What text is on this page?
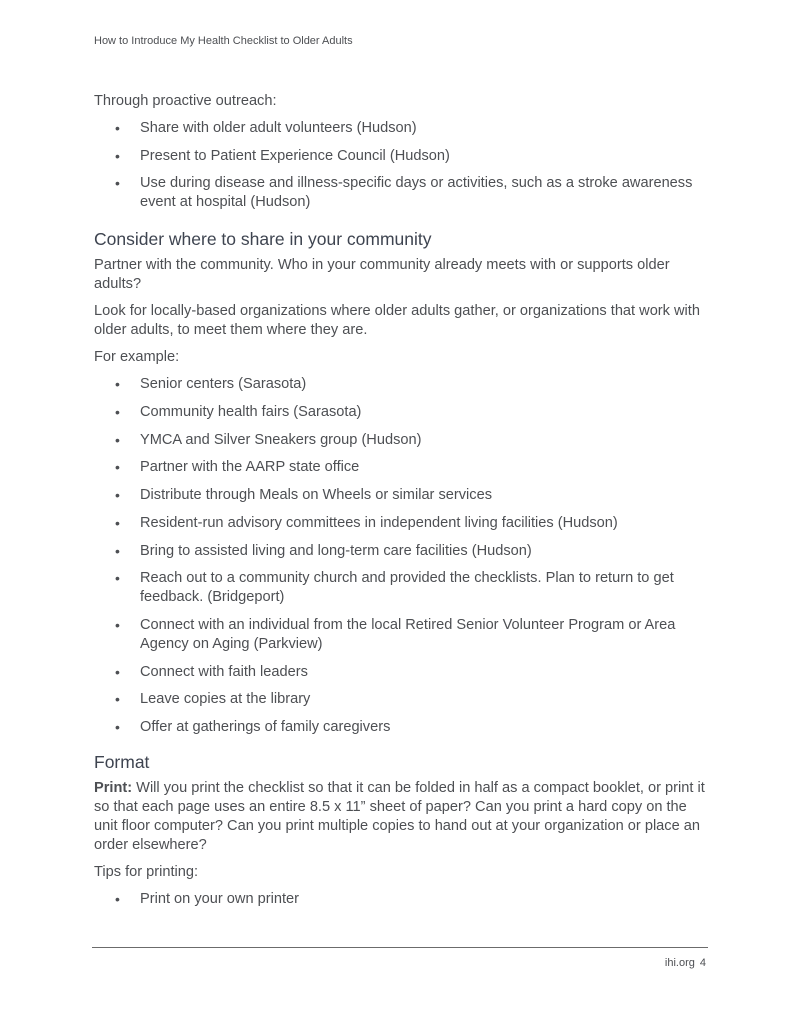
How to Introduce My Health Checklist to Older Adults

Through proactive outreach:

• Share with older adult volunteers (Hudson)
• Present to Patient Experience Council (Hudson)
• Use during disease and illness-specific days or activities, such as a stroke awareness event at hospital (Hudson)
Consider where to share in your community

Partner with the community. Who in your community already meets with or supports older adults?

Look for locally-based organizations where older adults gather, or organizations that work with older adults, to meet them where they are.

For example:

• Senior centers (Sarasota)
• Community health fairs (Sarasota)
• YMCA and Silver Sneakers group (Hudson)
• Partner with the AARP state office
• Distribute through Meals on Wheels or similar services
• Resident-run advisory committees in independent living facilities (Hudson)
• Bring to assisted living and long-term care facilities (Hudson)
• Reach out to a community church and provided the checklists. Plan to return to get feedback. (Bridgeport)
• Connect with an individual from the local Retired Senior Volunteer Program or Area Agency on Aging (Parkview)
• Connect with faith leaders
• Leave copies at the library
• Offer at gatherings of family caregivers
Format

Print: Will you print the checklist so that it can be folded in half as a compact booklet, or print it so that each page uses an entire 8.5 x 11” sheet of paper? Can you print a hard copy on the unit floor computer? Can you print multiple copies to hand out at your organization or place an order elsewhere?

Tips for printing:

• Print on your own printer
ihi.org 4
